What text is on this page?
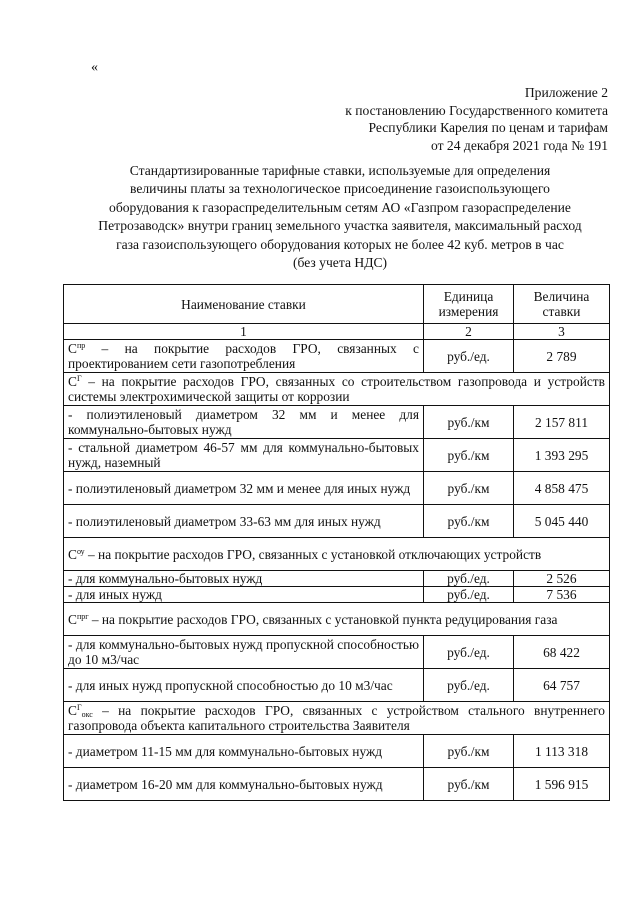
«
Приложение 2
к постановлению Государственного комитета
Республики Карелия по ценам и тарифам
от 24 декабря 2021 года № 191
Стандартизированные тарифные ставки, используемые для определения
величины платы за технологическое присоединение газоиспользующего
оборудования к газораспределительным сетям АО «Газпром газораспределение
Петрозаводск» внутри границ земельного участка заявителя, максимальный расход
газа газоиспользующего оборудования которых не более 42 куб. метров в час
(без учета НДС)
Наименование ставки	Единица измерения	Величина ставки
1	2	3
$C^{пр}$ – на покрытие расходов ГРО, связанных с проектированием сети газопотребления	руб./ед.	2 789
$C^Г$ – на покрытие расходов ГРО, связанных со строительством газопровода и устройств системы электрохимической защиты от коррозии		
- полиэтиленовый диаметром 32 мм и менее для коммунально-бытовых нужд	руб./км	2 157 811
- стальной диаметром 46-57 мм для коммунально-бытовых нужд, наземный	руб./км	1 393 295
- полиэтиленовый диаметром 32 мм и менее для иных нужд	руб./км	4 858 475
- полиэтиленовый диаметром 33-63 мм для иных нужд	руб./км	5 045 440
$C^{оу}$ – на покрытие расходов ГРО, связанных с установкой отключающих устройств		
- для коммунально-бытовых нужд	руб./ед.	2 526
- для иных нужд	руб./ед.	7 536
$C^{прг}$ – на покрытие расходов ГРО, связанных с установкой пункта редуцирования газа		
- для коммунально-бытовых нужд пропускной способностью до 10 м3/час	руб./ед.	68 422
- для иных нужд пропускной способностью до 10 м3/час	руб./ед.	64 757
$C^Г_{окс}$ – на покрытие расходов ГРО, связанных с устройством стального внутреннего газопровода объекта капитального строительства Заявителя		
- диаметром 11-15 мм для коммунально-бытовых нужд	руб./км	1 113 318
- диаметром 16-20 мм для коммунально-бытовых нужд	руб./км	1 596 915
